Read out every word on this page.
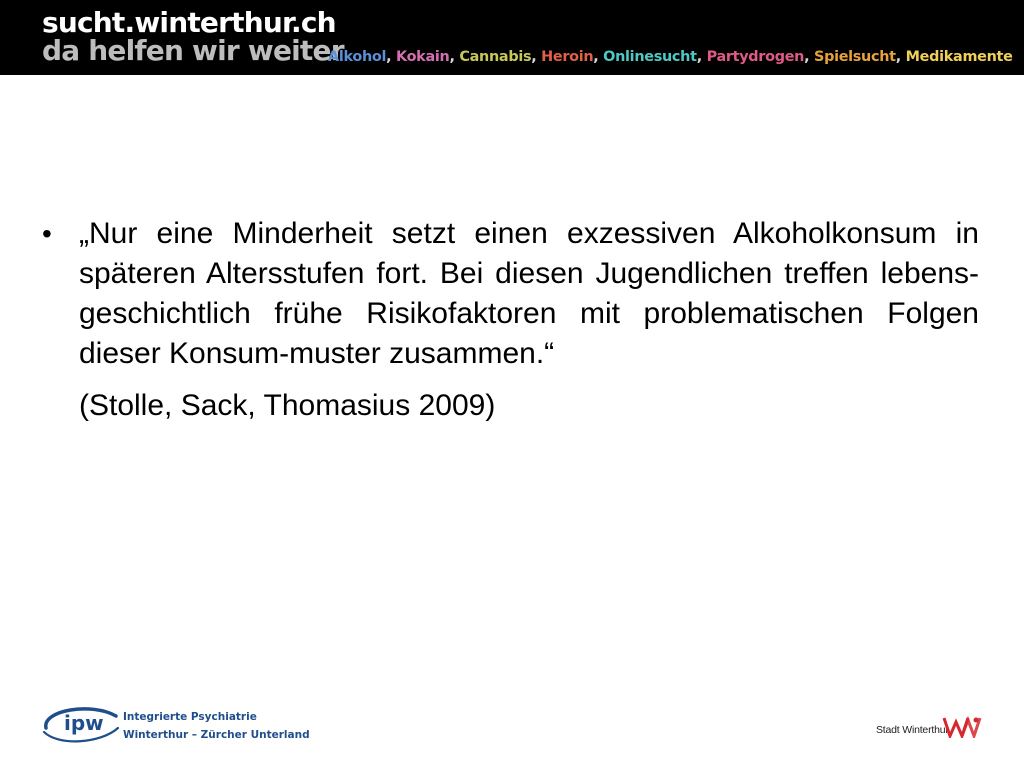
sucht.winterthur.ch
da helfen wir weiter
Alkohol, Kokain, Cannabis, Heroin, Onlinesucht, Partydrogen, Spielsucht, Medikamente
• „Nur eine Minderheit setzt einen exzessiven Alkoholkonsum in späteren Altersstufen fort. Bei diesen Jugendlichen treffen lebens-geschichtlich frühe Risikofaktoren mit problematischen Folgen dieser Konsum-muster zusammen.“
(Stolle, Sack, Thomasius 2009)
ipw Integrierte Psychiatrie
Winterthur – Zürcher Unterland	Stadt Winterthur
